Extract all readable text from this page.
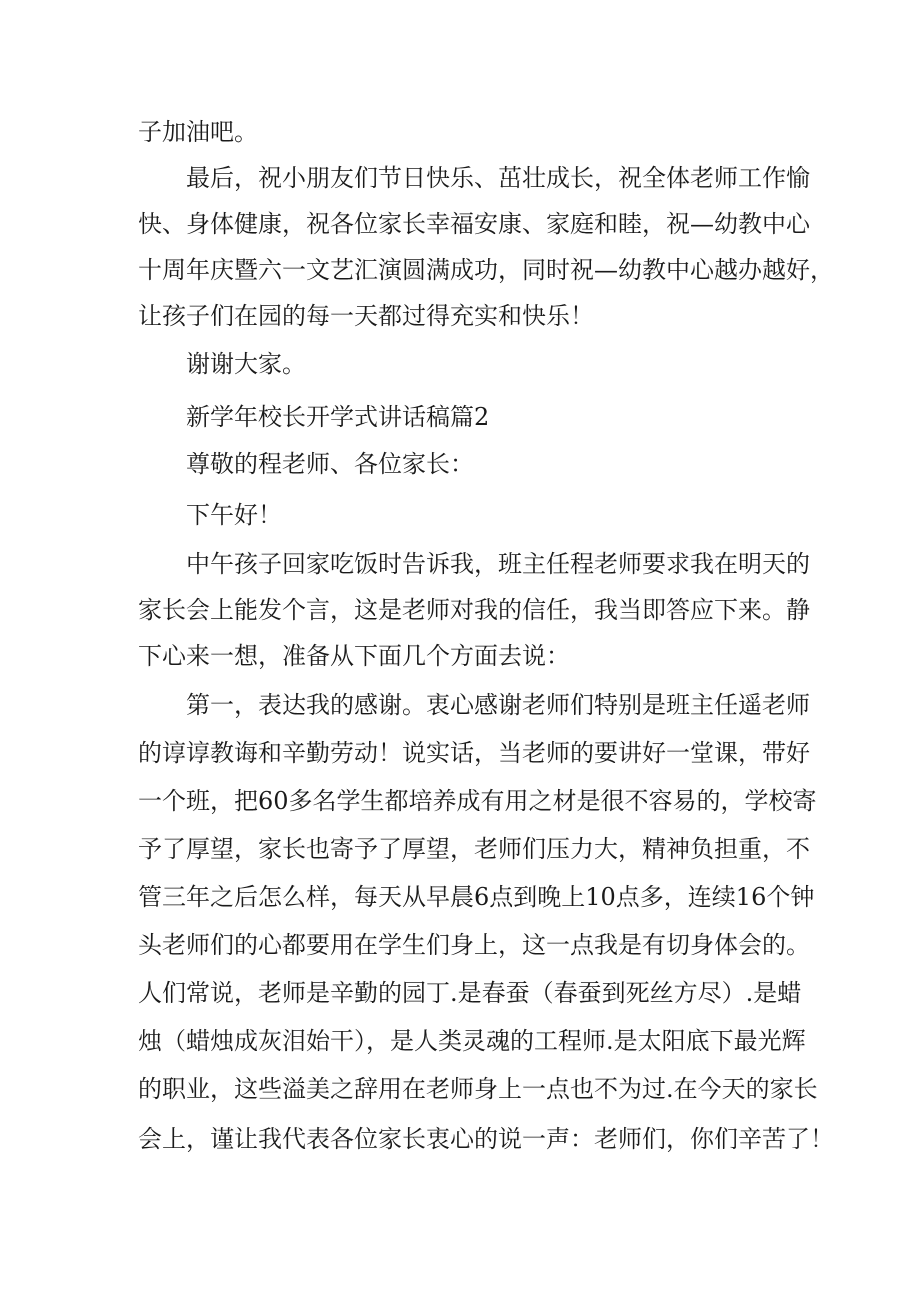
子加油吧。
最后，祝小朋友们节日快乐、茁壮成长，祝全体老师工作愉
快、身体健康，祝各位家长幸福安康、家庭和睦，祝—幼教中心
十周年庆暨六一文艺汇演圆满成功，同时祝—幼教中心越办越好，
让孩子们在园的每一天都过得充实和快乐！
谢谢大家。
新学年校长开学式讲话稿篇2
尊敬的程老师、各位家长：
下午好！
中午孩子回家吃饭时告诉我，班主任程老师要求我在明天的
家长会上能发个言，这是老师对我的信任，我当即答应下来。静
下心来一想，准备从下面几个方面去说：
第一，表达我的感谢。衷心感谢老师们特别是班主任遥老师
的谆谆教诲和辛勤劳动！说实话，当老师的要讲好一堂课，带好
一个班，把60多名学生都培养成有用之材是很不容易的，学校寄
予了厚望，家长也寄予了厚望，老师们压力大，精神负担重，不
管三年之后怎么样，每天从早晨6点到晚上10点多，连续16个钟
头老师们的心都要用在学生们身上，这一点我是有切身体会的。
人们常说，老师是辛勤的园丁.是春蚕（春蚕到死丝方尽）.是蜡
烛（蜡烛成灰泪始干），是人类灵魂的工程师.是太阳底下最光辉
的职业，这些溢美之辞用在老师身上一点也不为过.在今天的家长
会上，谨让我代表各位家长衷心的说一声：老师们，你们辛苦了！
